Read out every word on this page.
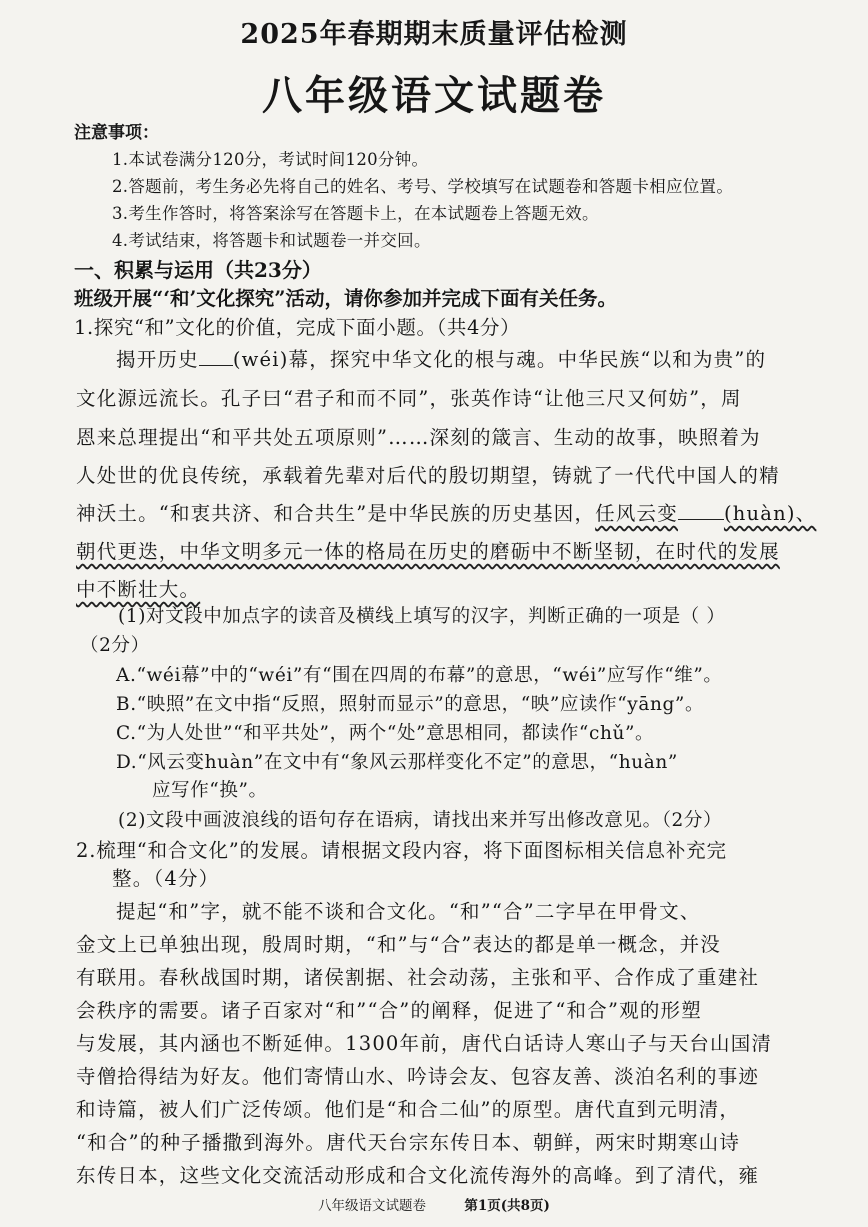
2025年春期期末质量评估检测
八年级语文试题卷
注意事项：
1.本试卷满分120分，考试时间120分钟。
2.答题前，考生务必先将自己的姓名、考号、学校填写在试题卷和答题卡相应位置。
3.考生作答时，将答案涂写在答题卡上，在本试题卷上答题无效。
4.考试结束，将答题卡和试题卷一并交回。
一、积累与运用（共23分）
班级开展“‘和’文化探究”活动，请你参加并完成下面有关任务。
1.探究“和”文化的价值，完成下面小题。（共4分）
揭开历史 (wéi)幕，探究中华文化的根与魂。中华民族“以和为贵”的
文化源远流长。孔子曰“君子和而不同”，张英作诗“让他三尺又何妨”，周
恩来总理提出“和平共处五项原则”……深刻的箴言、生动的故事，映照着为
人处世的优良传统，承载着先辈对后代的殷切期望，铸就了一代代中国人的精
神沃土。“和衷共济、和合共生”是中华民族的历史基因，任风云变 (huàn)、
朝代更迭，中华文明多元一体的格局在历史的磨砺中不断坚韧，在时代的发展
中不断壮大。
(1)对文段中加点字的读音及横线上填写的汉字，判断正确的一项是（ ）
（2分）
A.“wéi幕”中的“wéi”有“围在四周的布幕”的意思，“wéi”应写作“维”。
B.“映照”在文中指“反照，照射而显示”的意思，“映”应读作“yāng”。
C.“为人处世”“和平共处”，两个“处”意思相同，都读作“chǔ”。
D.“风云变huàn”在文中有“象风云那样变化不定”的意思，“huàn”
应写作“换”。
(2)文段中画波浪线的语句存在语病，请找出来并写出修改意见。（2分）
2.梳理“和合文化”的发展。请根据文段内容，将下面图标相关信息补充完
整。（4分）
提起“和”字，就不能不谈和合文化。“和”“合”二字早在甲骨文、
金文上已单独出现，殷周时期，“和”与“合”表达的都是单一概念，并没
有联用。春秋战国时期，诸侯割据、社会动荡，主张和平、合作成了重建社
会秩序的需要。诸子百家对“和”“合”的阐释，促进了“和合”观的形塑
与发展，其内涵也不断延伸。1300年前，唐代白话诗人寒山子与天台山国清
寺僧拾得结为好友。他们寄情山水、吟诗会友、包容友善、淡泊名利的事迹
和诗篇，被人们广泛传颂。他们是“和合二仙”的原型。唐代直到元明清，
“和合”的种子播撒到海外。唐代天台宗东传日本、朝鲜，两宋时期寒山诗
东传日本，这些文化交流活动形成和合文化流传海外的高峰。到了清代，雍
八年级语文试题卷	第1页(共8页)
